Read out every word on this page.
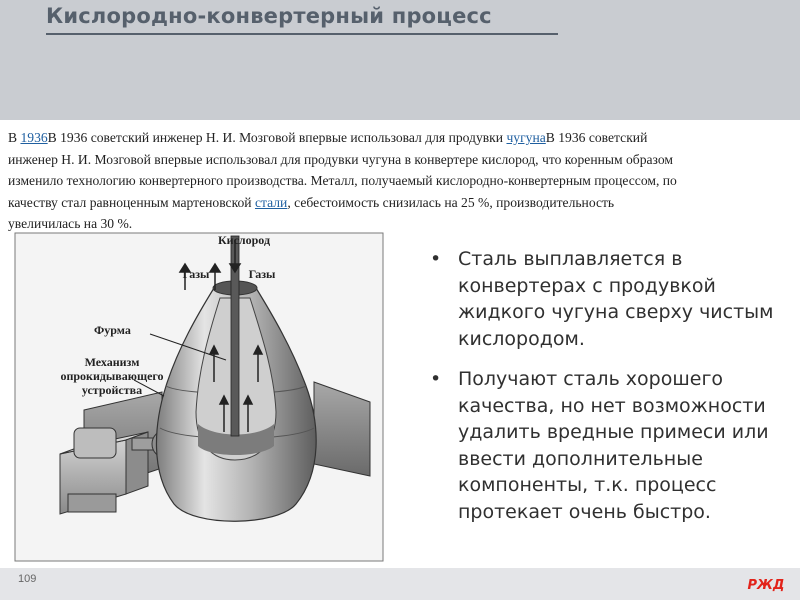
Кислородно-конвертерный процесс

В 1936В 1936 советский инженер Н. И. Мозговой впервые использовал для продувки чугунаВ 1936 советский инженер Н. И. Мозговой впервые использовал для продувки чугуна в конвертере кислород, что коренным образом изменило технологию конвертерного производства. Металл, получаемый кислородно-конвертерным процессом, по качеству стал равноценным мартеновской стали, себестоимость снизилась на 25 %, производительность увеличилась на 30 %.

Кислород
Газы	Газы
Фурма
Механизм
опрокидывающего
устройства
• Сталь выплавляется в конвертерах с продувкой жидкого чугуна сверху чистым кислородом.
• Получают сталь хорошего качества, но нет возможности удалить вредные примеси или ввести дополнительные компоненты, т.к. процесс протекает очень быстро.
109	РЖД
